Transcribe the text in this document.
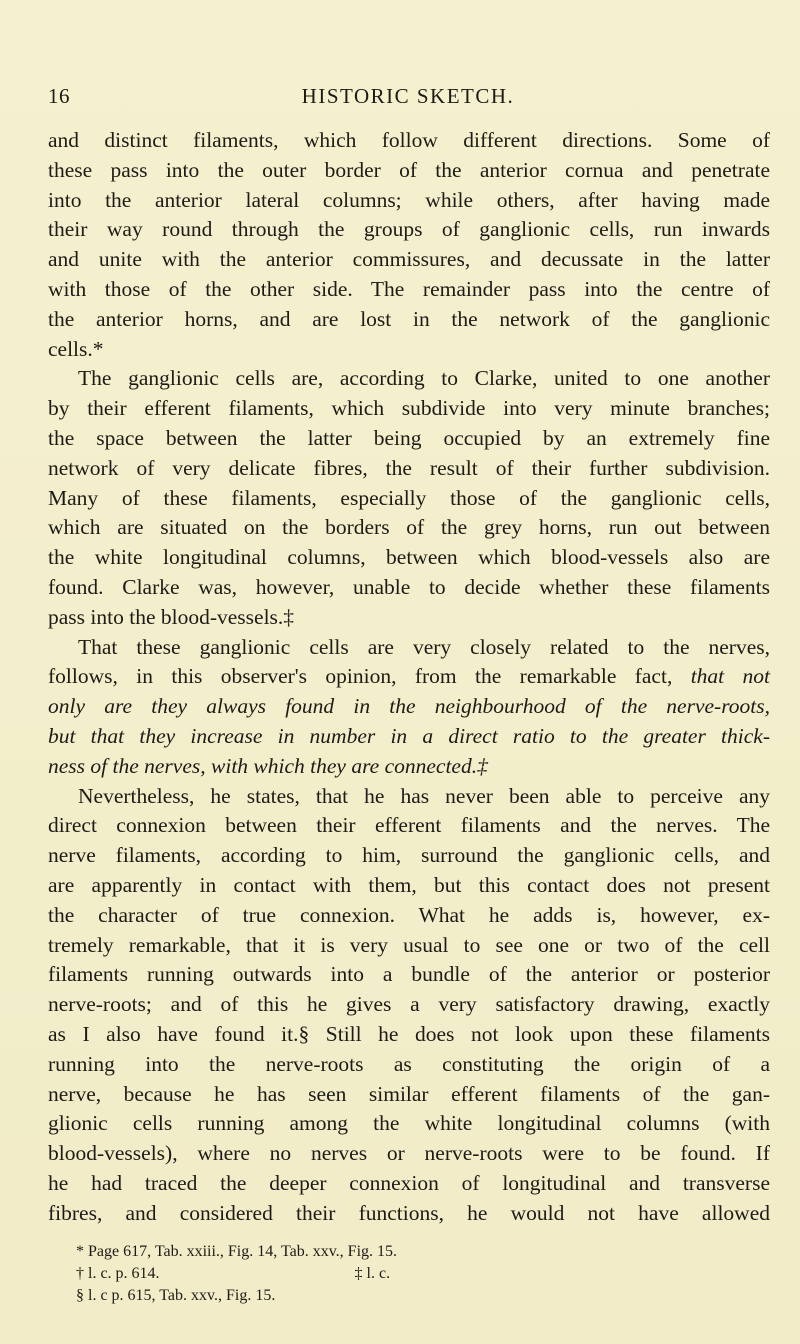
16	HISTORIC SKETCH.

and distinct filaments, which follow different directions. Some of
these pass into the outer border of the anterior cornua and penetrate
into the anterior lateral columns; while others, after having made
their way round through the groups of ganglionic cells, run inwards
and unite with the anterior commissures, and decussate in the latter
with those of the other side. The remainder pass into the centre of
the anterior horns, and are lost in the network of the ganglionic
cells.*

The ganglionic cells are, according to Clarke, united to one another
by their efferent filaments, which subdivide into very minute branches;
the space between the latter being occupied by an extremely fine
network of very delicate fibres, the result of their further subdivision.
Many of these filaments, especially those of the ganglionic cells,
which are situated on the borders of the grey horns, run out between
the white longitudinal columns, between which blood-vessels also are
found. Clarke was, however, unable to decide whether these filaments
pass into the blood-vessels.‡

That these ganglionic cells are very closely related to the nerves,
follows, in this observer's opinion, from the remarkable fact, that not
only are they always found in the neighbourhood of the nerve-roots,
but that they increase in number in a direct ratio to the greater thick-
ness of the nerves, with which they are connected.‡

Nevertheless, he states, that he has never been able to perceive any
direct connexion between their efferent filaments and the nerves. The
nerve filaments, according to him, surround the ganglionic cells, and
are apparently in contact with them, but this contact does not present
the character of true connexion. What he adds is, however, ex-
tremely remarkable, that it is very usual to see one or two of the cell
filaments running outwards into a bundle of the anterior or posterior
nerve-roots; and of this he gives a very satisfactory drawing, exactly
as I also have found it.§ Still he does not look upon these filaments
running into the nerve-roots as constituting the origin of a
nerve, because he has seen similar efferent filaments of the gan-
glionic cells running among the white longitudinal columns (with
blood-vessels), where no nerves or nerve-roots were to be found. If
he had traced the deeper connexion of longitudinal and transverse
fibres, and considered their functions, he would not have allowed

* Page 617, Tab. xxiii., Fig. 14, Tab. xxv., Fig. 15.
† l. c. p. 614.	‡ l. c.
§ l. c p. 615, Tab. xxv., Fig. 15.
